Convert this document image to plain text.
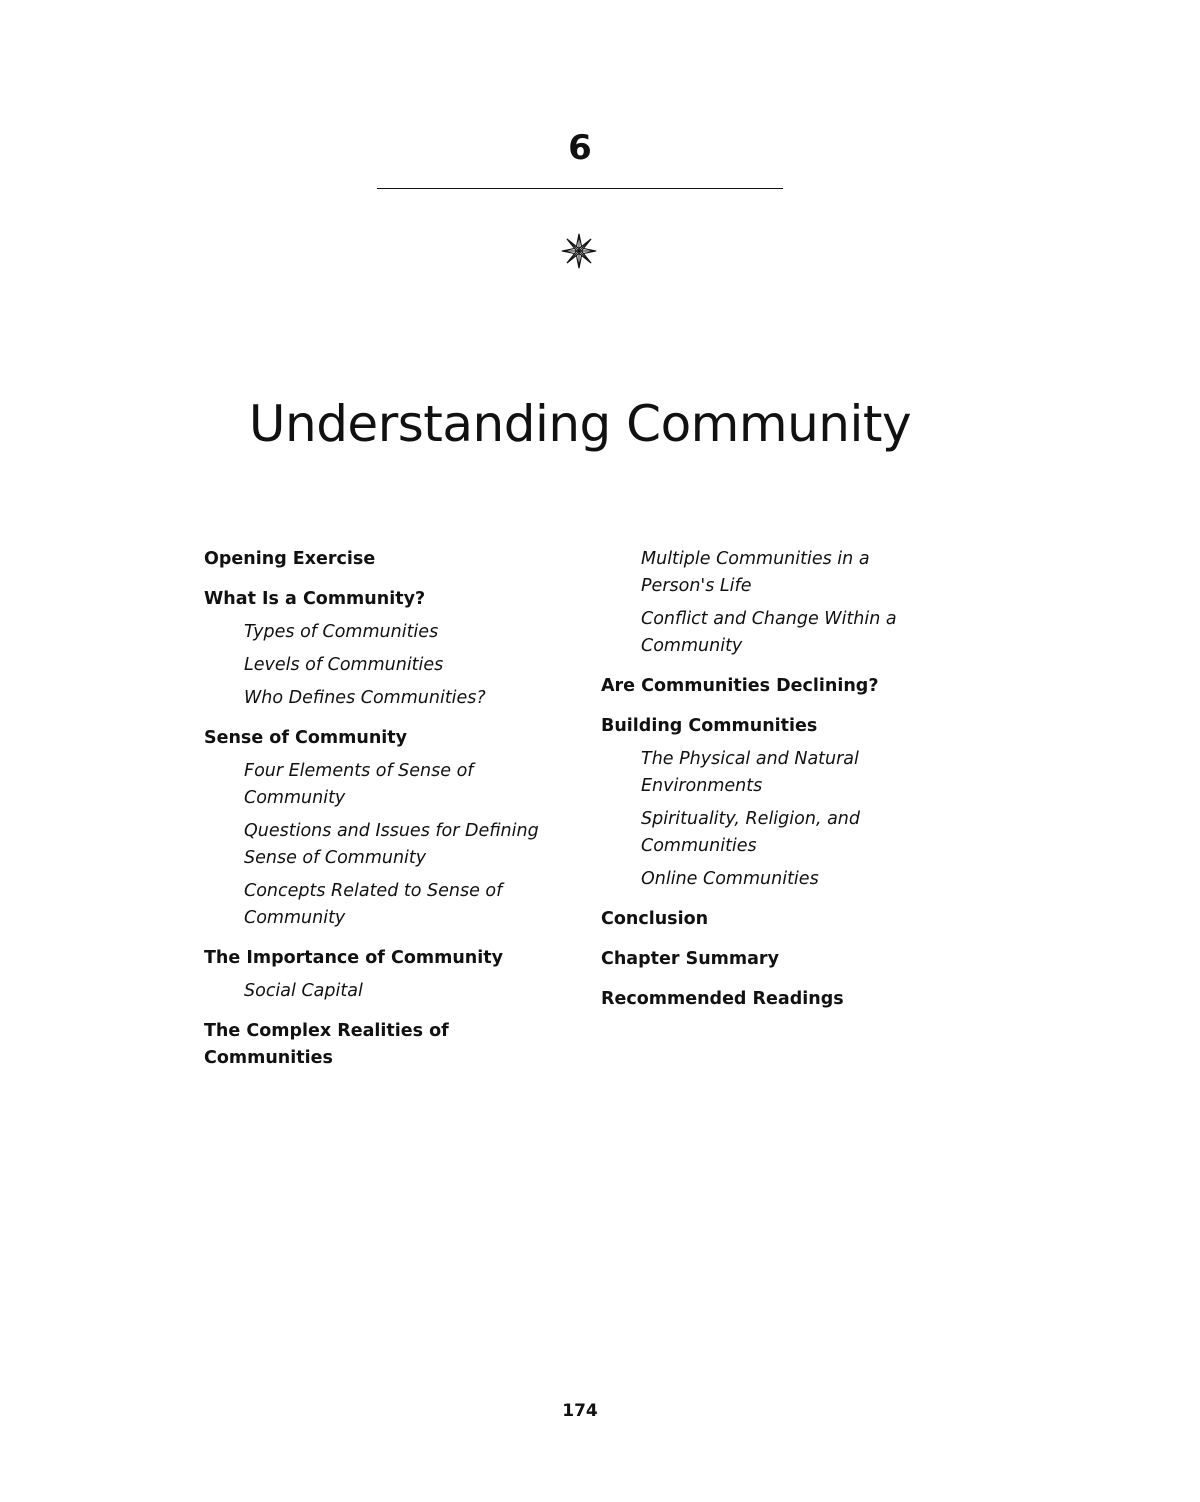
6
Understanding Community

Opening Exercise

What Is a Community?

Types of Communities

Levels of Communities

Who Defines Communities?

Sense of Community

Four Elements of Sense of Community

Questions and Issues for Defining Sense of Community

Concepts Related to Sense of Community

The Importance of Community

Social Capital

The Complex Realities of Communities

Multiple Communities in a Person's Life

Conflict and Change Within a Community

Are Communities Declining?

Building Communities

The Physical and Natural Environments

Spirituality, Religion, and Communities

Online Communities

Conclusion

Chapter Summary

Recommended Readings

174
